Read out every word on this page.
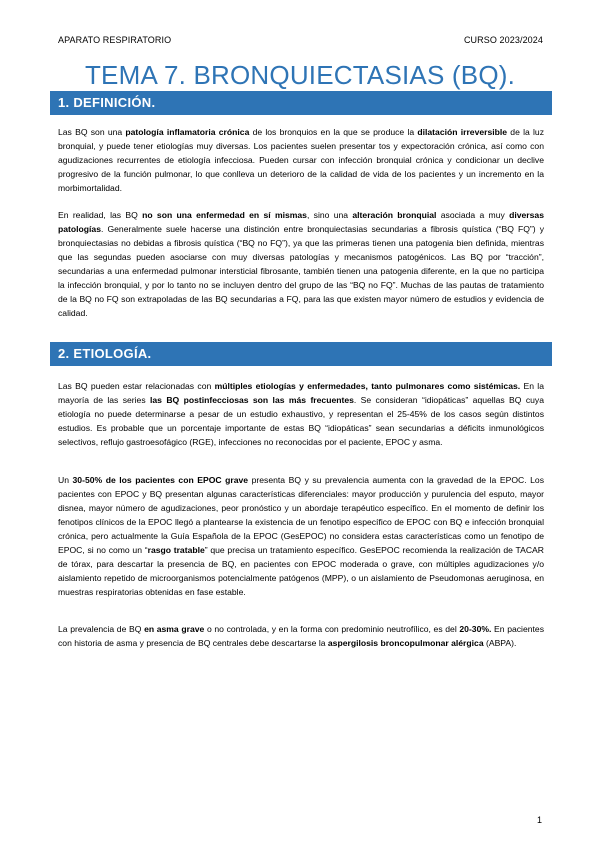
APARATO RESPIRATORIO	CURSO 2023/2024
TEMA 7. BRONQUIECTASIAS (BQ).
1. DEFINICIÓN.
Las BQ son una patología inflamatoria crónica de los bronquios en la que se produce la dilatación irreversible de la luz bronquial, y puede tener etiologías muy diversas. Los pacientes suelen presentar tos y expectoración crónica, así como con agudizaciones recurrentes de etiología infecciosa. Pueden cursar con infección bronquial crónica y condicionar un declive progresivo de la función pulmonar, lo que conlleva un deterioro de la calidad de vida de los pacientes y un incremento en la morbimortalidad.
En realidad, las BQ no son una enfermedad en sí mismas, sino una alteración bronquial asociada a muy diversas patologías. Generalmente suele hacerse una distinción entre bronquiectasias secundarias a fibrosis quística (“BQ FQ”) y bronquiectasias no debidas a fibrosis quística (“BQ no FQ”), ya que las primeras tienen una patogenia bien definida, mientras que las segundas pueden asociarse con muy diversas patologías y mecanismos patogénicos. Las BQ por “tracción”, secundarias a una enfermedad pulmonar intersticial fibrosante, también tienen una patogenia diferente, en la que no participa la infección bronquial, y por lo tanto no se incluyen dentro del grupo de las “BQ no FQ”. Muchas de las pautas de tratamiento de la BQ no FQ son extrapoladas de las BQ secundarias a FQ, para las que existen mayor número de estudios y evidencia de calidad.
2. ETIOLOGÍA.
Las BQ pueden estar relacionadas con múltiples etiologías y enfermedades, tanto pulmonares como sistémicas. En la mayoría de las series las BQ postinfecciosas son las más frecuentes. Se consideran “idiopáticas” aquellas BQ cuya etiología no puede determinarse a pesar de un estudio exhaustivo, y representan el 25-45% de los casos según distintos estudios. Es probable que un porcentaje importante de estas BQ “idiopáticas” sean secundarias a déficits inmunológicos selectivos, reflujo gastroesofágico (RGE), infecciones no reconocidas por el paciente, EPOC y asma.
Un 30-50% de los pacientes con EPOC grave presenta BQ y su prevalencia aumenta con la gravedad de la EPOC. Los pacientes con EPOC y BQ presentan algunas características diferenciales: mayor producción y purulencia del esputo, mayor disnea, mayor número de agudizaciones, peor pronóstico y un abordaje terapéutico específico. En el momento de definir los fenotipos clínicos de la EPOC llegó a plantearse la existencia de un fenotipo específico de EPOC con BQ e infección bronquial crónica, pero actualmente la Guía Española de la EPOC (GesEPOC) no considera estas características como un fenotipo de EPOC, si no como un “rasgo tratable” que precisa un tratamiento específico. GesEPOC recomienda la realización de TACAR de tórax, para descartar la presencia de BQ, en pacientes con EPOC moderada o grave, con múltiples agudizaciones y/o aislamiento repetido de microorganismos potencialmente patógenos (MPP), o un aislamiento de Pseudomonas aeruginosa, en muestras respiratorias obtenidas en fase estable.
La prevalencia de BQ en asma grave o no controlada, y en la forma con predominio neutrofílico, es del 20-30%. En pacientes con historia de asma y presencia de BQ centrales debe descartarse la aspergilosis broncopulmonar alérgica (ABPA).
1
